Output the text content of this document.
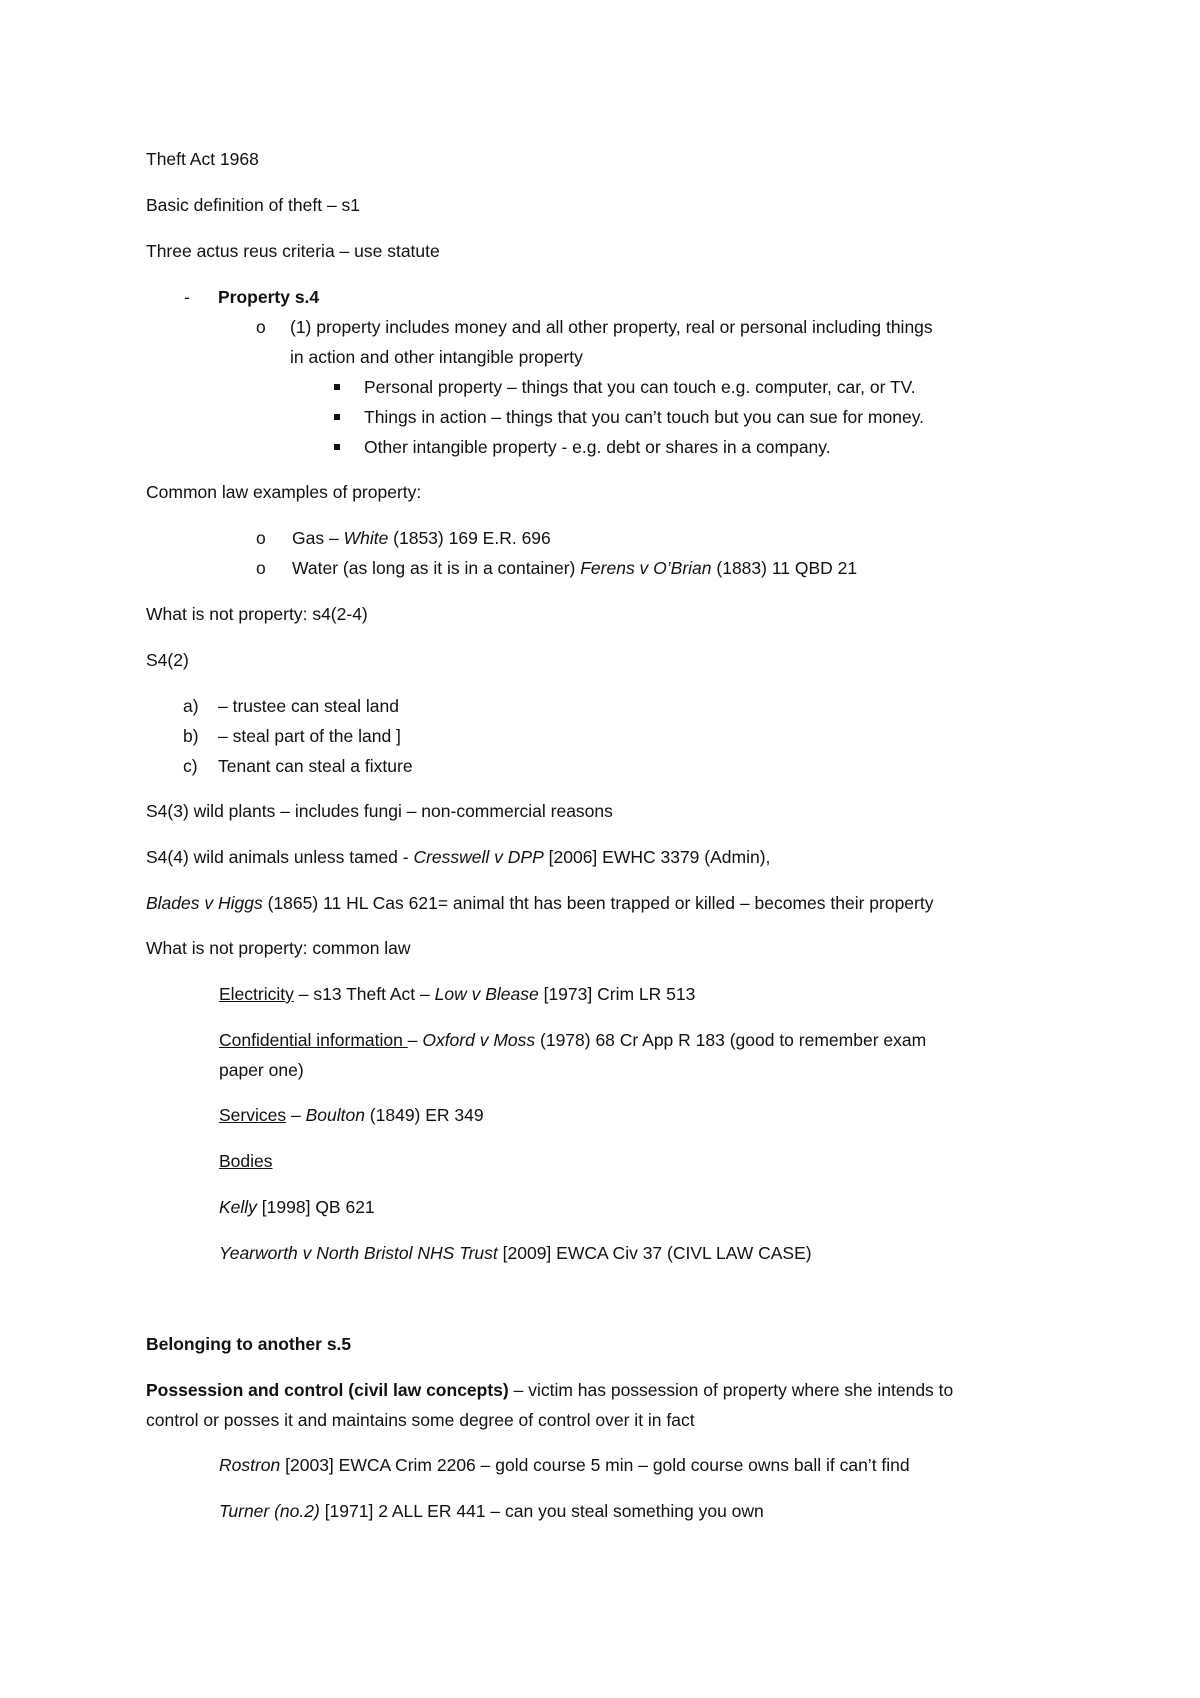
Theft Act 1968
Basic definition of theft – s1
Three actus reus criteria – use statute
- Property s.4
o (1) property includes money and all other property, real or personal including things
in action and other intangible property
Personal property – things that you can touch e.g. computer, car, or TV.
Things in action – things that you can’t touch but you can sue for money.
Other intangible property - e.g. debt or shares in a company.
Common law examples of property:
o Gas – White (1853) 169 E.R. 696
o Water (as long as it is in a container) Ferens v O’Brian (1883) 11 QBD 21
What is not property: s4(2-4)
S4(2)
a) – trustee can steal land
b) – steal part of the land ]
c) Tenant can steal a fixture
S4(3) wild plants – includes fungi – non-commercial reasons
S4(4) wild animals unless tamed - Cresswell v DPP [2006] EWHC 3379 (Admin),
Blades v Higgs (1865) 11 HL Cas 621= animal tht has been trapped or killed – becomes their property
What is not property: common law
Electricity – s13 Theft Act – Low v Blease [1973] Crim LR 513
Confidential information – Oxford v Moss (1978) 68 Cr App R 183 (good to remember exam
paper one)
Services – Boulton (1849) ER 349
Bodies
Kelly [1998] QB 621
Yearworth v North Bristol NHS Trust [2009] EWCA Civ 37 (CIVL LAW CASE)
Belonging to another s.5
Possession and control (civil law concepts) – victim has possession of property where she intends to
control or posses it and maintains some degree of control over it in fact
Rostron [2003] EWCA Crim 2206 – gold course 5 min – gold course owns ball if can’t find
Turner (no.2) [1971] 2 ALL ER 441 – can you steal something you own
